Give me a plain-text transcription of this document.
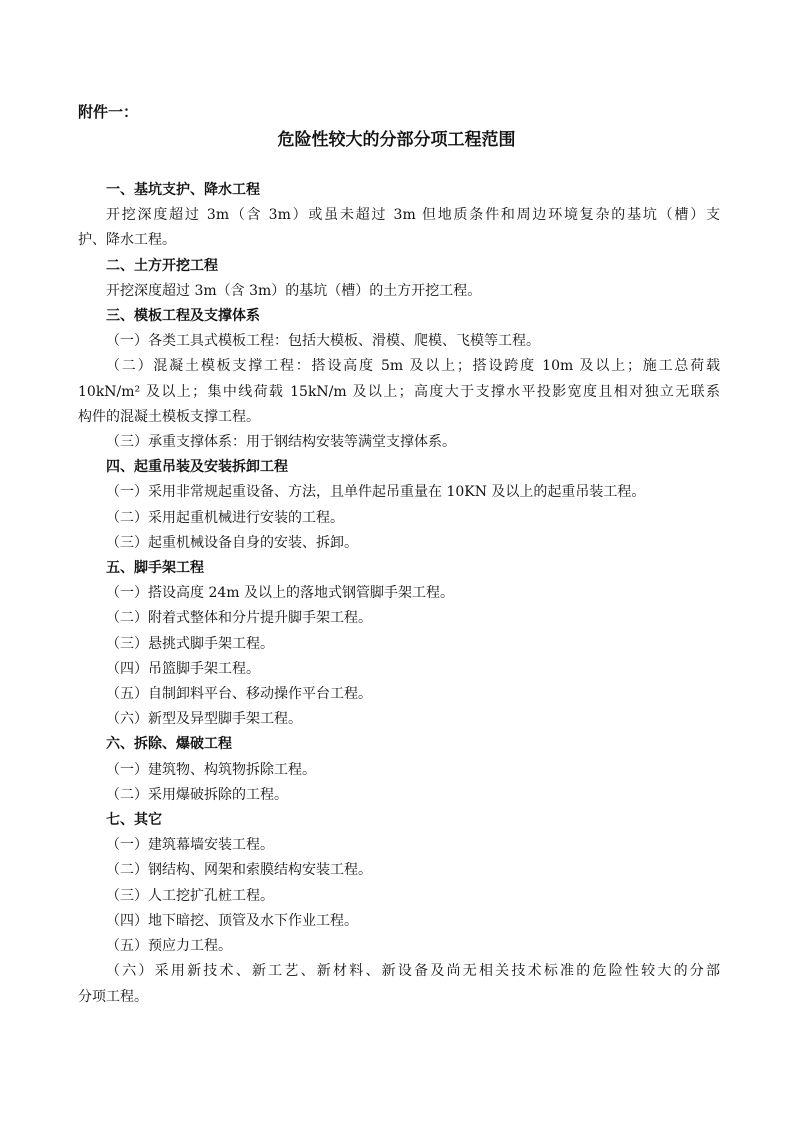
附件一：
危险性较大的分部分项工程范围
一、基坑支护、降水工程
开挖深度超过 3m（含 3m）或虽未超过 3m 但地质条件和周边环境复杂的基坑（槽）支
护、降水工程。
二、土方开挖工程
开挖深度超过 3m（含 3m）的基坑（槽）的土方开挖工程。
三、模板工程及支撑体系
（一）各类工具式模板工程：包括大模板、滑模、爬模、飞模等工程。
（二）混凝土模板支撑工程：搭设高度 5m 及以上；搭设跨度 10m 及以上；施工总荷载
10kN/m² 及以上；集中线荷载 15kN/m 及以上；高度大于支撑水平投影宽度且相对独立无联系
构件的混凝土模板支撑工程。
（三）承重支撑体系：用于钢结构安装等满堂支撑体系。
四、起重吊装及安装拆卸工程
（一）采用非常规起重设备、方法，且单件起吊重量在 10KN 及以上的起重吊装工程。
（二）采用起重机械进行安装的工程。
（三）起重机械设备自身的安装、拆卸。
五、脚手架工程
（一）搭设高度 24m 及以上的落地式钢管脚手架工程。
（二）附着式整体和分片提升脚手架工程。
（三）悬挑式脚手架工程。
（四）吊篮脚手架工程。
（五）自制卸料平台、移动操作平台工程。
（六）新型及异型脚手架工程。
六、拆除、爆破工程
（一）建筑物、构筑物拆除工程。
（二）采用爆破拆除的工程。
七、其它
（一）建筑幕墙安装工程。
（二）钢结构、网架和索膜结构安装工程。
（三）人工挖扩孔桩工程。
（四）地下暗挖、顶管及水下作业工程。
（五）预应力工程。
（六）采用新技术、新工艺、新材料、新设备及尚无相关技术标准的危险性较大的分部
分项工程。
